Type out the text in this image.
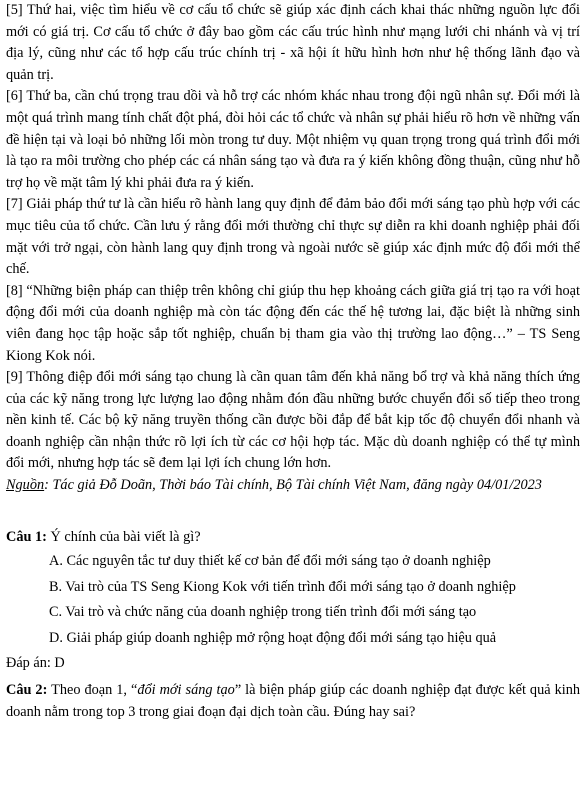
[5] Thứ hai, việc tìm hiểu về cơ cấu tổ chức sẽ giúp xác định cách khai thác những nguồn lực đổi mới có giá trị. Cơ cấu tổ chức ở đây bao gồm các cấu trúc hình như mạng lưới chi nhánh và vị trí địa lý, cũng như các tổ hợp cấu trúc chính trị - xã hội ít hữu hình hơn như hệ thống lãnh đạo và quản trị.

[6] Thứ ba, cần chú trọng trau dồi và hỗ trợ các nhóm khác nhau trong đội ngũ nhân sự. Đổi mới là một quá trình mang tính chất đột phá, đòi hỏi các tổ chức và nhân sự phải hiểu rõ hơn về những vấn đề hiện tại và loại bỏ những lối mòn trong tư duy. Một nhiệm vụ quan trọng trong quá trình đổi mới là tạo ra môi trường cho phép các cá nhân sáng tạo và đưa ra ý kiến không đồng thuận, cũng như hỗ trợ họ về mặt tâm lý khi phải đưa ra ý kiến.

[7] Giải pháp thứ tư là cần hiểu rõ hành lang quy định để đảm bảo đổi mới sáng tạo phù hợp với các mục tiêu của tổ chức. Cần lưu ý rằng đổi mới thường chỉ thực sự diễn ra khi doanh nghiệp phải đối mặt với trở ngại, còn hành lang quy định trong và ngoài nước sẽ giúp xác định mức độ đổi mới thể chế.

[8] “Những biện pháp can thiệp trên không chỉ giúp thu hẹp khoảng cách giữa giá trị tạo ra với hoạt động đổi mới của doanh nghiệp mà còn tác động đến các thế hệ tương lai, đặc biệt là những sinh viên đang học tập hoặc sắp tốt nghiệp, chuẩn bị tham gia vào thị trường lao động…” – TS Seng Kiong Kok nói.

[9] Thông điệp đổi mới sáng tạo chung là cần quan tâm đến khả năng bổ trợ và khả năng thích ứng của các kỹ năng trong lực lượng lao động nhằm đón đầu những bước chuyển đổi số tiếp theo trong nền kinh tế. Các bộ kỹ năng truyền thống cần được bồi đắp để bắt kịp tốc độ chuyển đổi nhanh và doanh nghiệp cần nhận thức rõ lợi ích từ các cơ hội hợp tác. Mặc dù doanh nghiệp có thể tự mình đổi mới, nhưng hợp tác sẽ đem lại lợi ích chung lớn hơn.

Nguồn: Tác giả Đỗ Doãn, Thời báo Tài chính, Bộ Tài chính Việt Nam, đăng ngày 04/01/2023

Câu 1: Ý chính của bài viết là gì?

A. Các nguyên tắc tư duy thiết kế cơ bản để đổi mới sáng tạo ở doanh nghiệp

B. Vai trò của TS Seng Kiong Kok với tiến trình đổi mới sáng tạo ở doanh nghiệp

C. Vai trò và chức năng của doanh nghiệp trong tiến trình đổi mới sáng tạo

D. Giải pháp giúp doanh nghiệp mở rộng hoạt động đổi mới sáng tạo hiệu quả

Đáp án: D

Câu 2: Theo đoạn 1, “đổi mới sáng tạo” là biện pháp giúp các doanh nghiệp đạt được kết quả kinh doanh nằm trong top 3 trong giai đoạn đại dịch toàn cầu. Đúng hay sai?
